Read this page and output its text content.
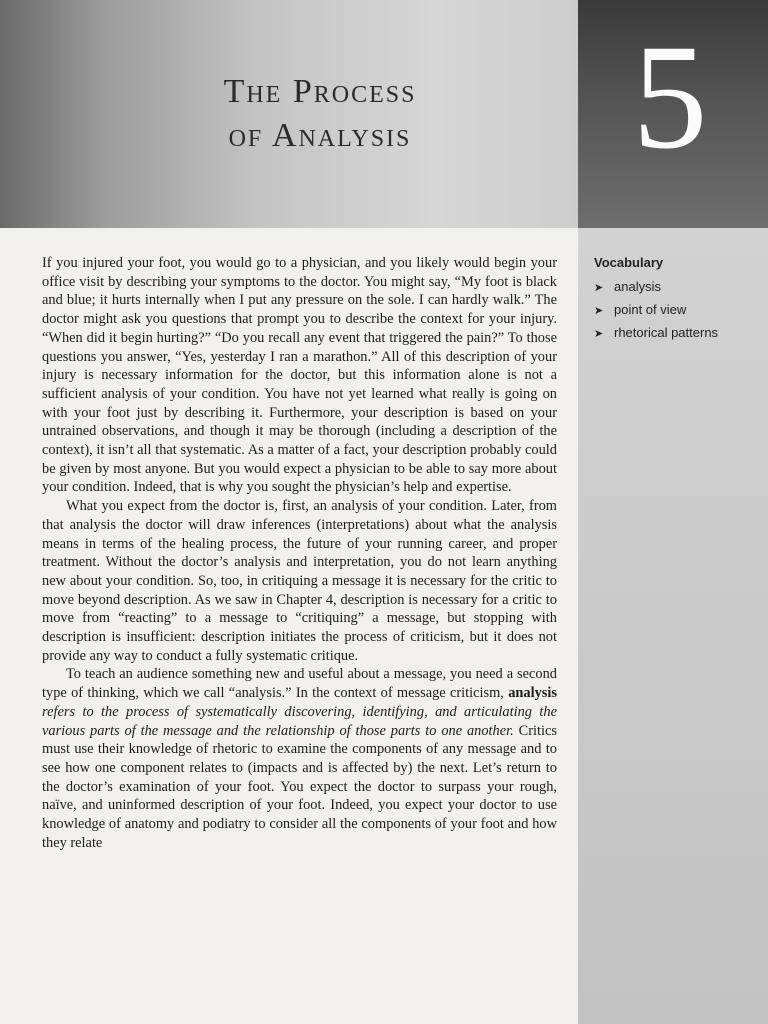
The Process
of Analysis	5
Vocabulary
➤ analysis
➤ point of view
➤ rhetorical patterns

If you injured your foot, you would go to a physician, and you likely would begin your office visit by describing your symptoms to the doctor. You might say, “My foot is black and blue; it hurts internally when I put any pressure on the sole. I can hardly walk.” The doctor might ask you questions that prompt you to describe the context for your injury. “When did it begin hurting?” “Do you recall any event that triggered the pain?” To those questions you answer, “Yes, yesterday I ran a marathon.” All of this description of your injury is necessary information for the doctor, but this information alone is not a sufficient analysis of your condition. You have not yet learned what really is going on with your foot just by describing it. Furthermore, your description is based on your untrained observations, and though it may be thorough (including a description of the context), it isn’t all that systematic. As a matter of a fact, your description probably could be given by most anyone. But you would expect a physician to be able to say more about your condition. Indeed, that is why you sought the physician’s help and expertise.

What you expect from the doctor is, first, an analysis of your condition. Later, from that analysis the doctor will draw inferences (interpretations) about what the analysis means in terms of the healing process, the future of your running career, and proper treatment. Without the doctor’s analysis and interpretation, you do not learn anything new about your condition. So, too, in critiquing a message it is necessary for the critic to move beyond description. As we saw in Chapter 4, description is necessary for a critic to move from “reacting” to a message to “critiquing” a message, but stopping with description is insufficient: description initiates the process of criticism, but it does not provide any way to conduct a fully systematic critique.

To teach an audience something new and useful about a message, you need a second type of thinking, which we call “analysis.” In the context of message criticism, analysis refers to the process of systematically discovering, identifying, and articulating the various parts of the message and the relationship of those parts to one another. Critics must use their knowledge of rhetoric to examine the components of any message and to see how one component relates to (impacts and is affected by) the next. Let’s return to the doctor’s examination of your foot. You expect the doctor to surpass your rough, naïve, and uninformed description of your foot. Indeed, you expect your doctor to use knowledge of anatomy and podiatry to consider all the components of your foot and how they relate
